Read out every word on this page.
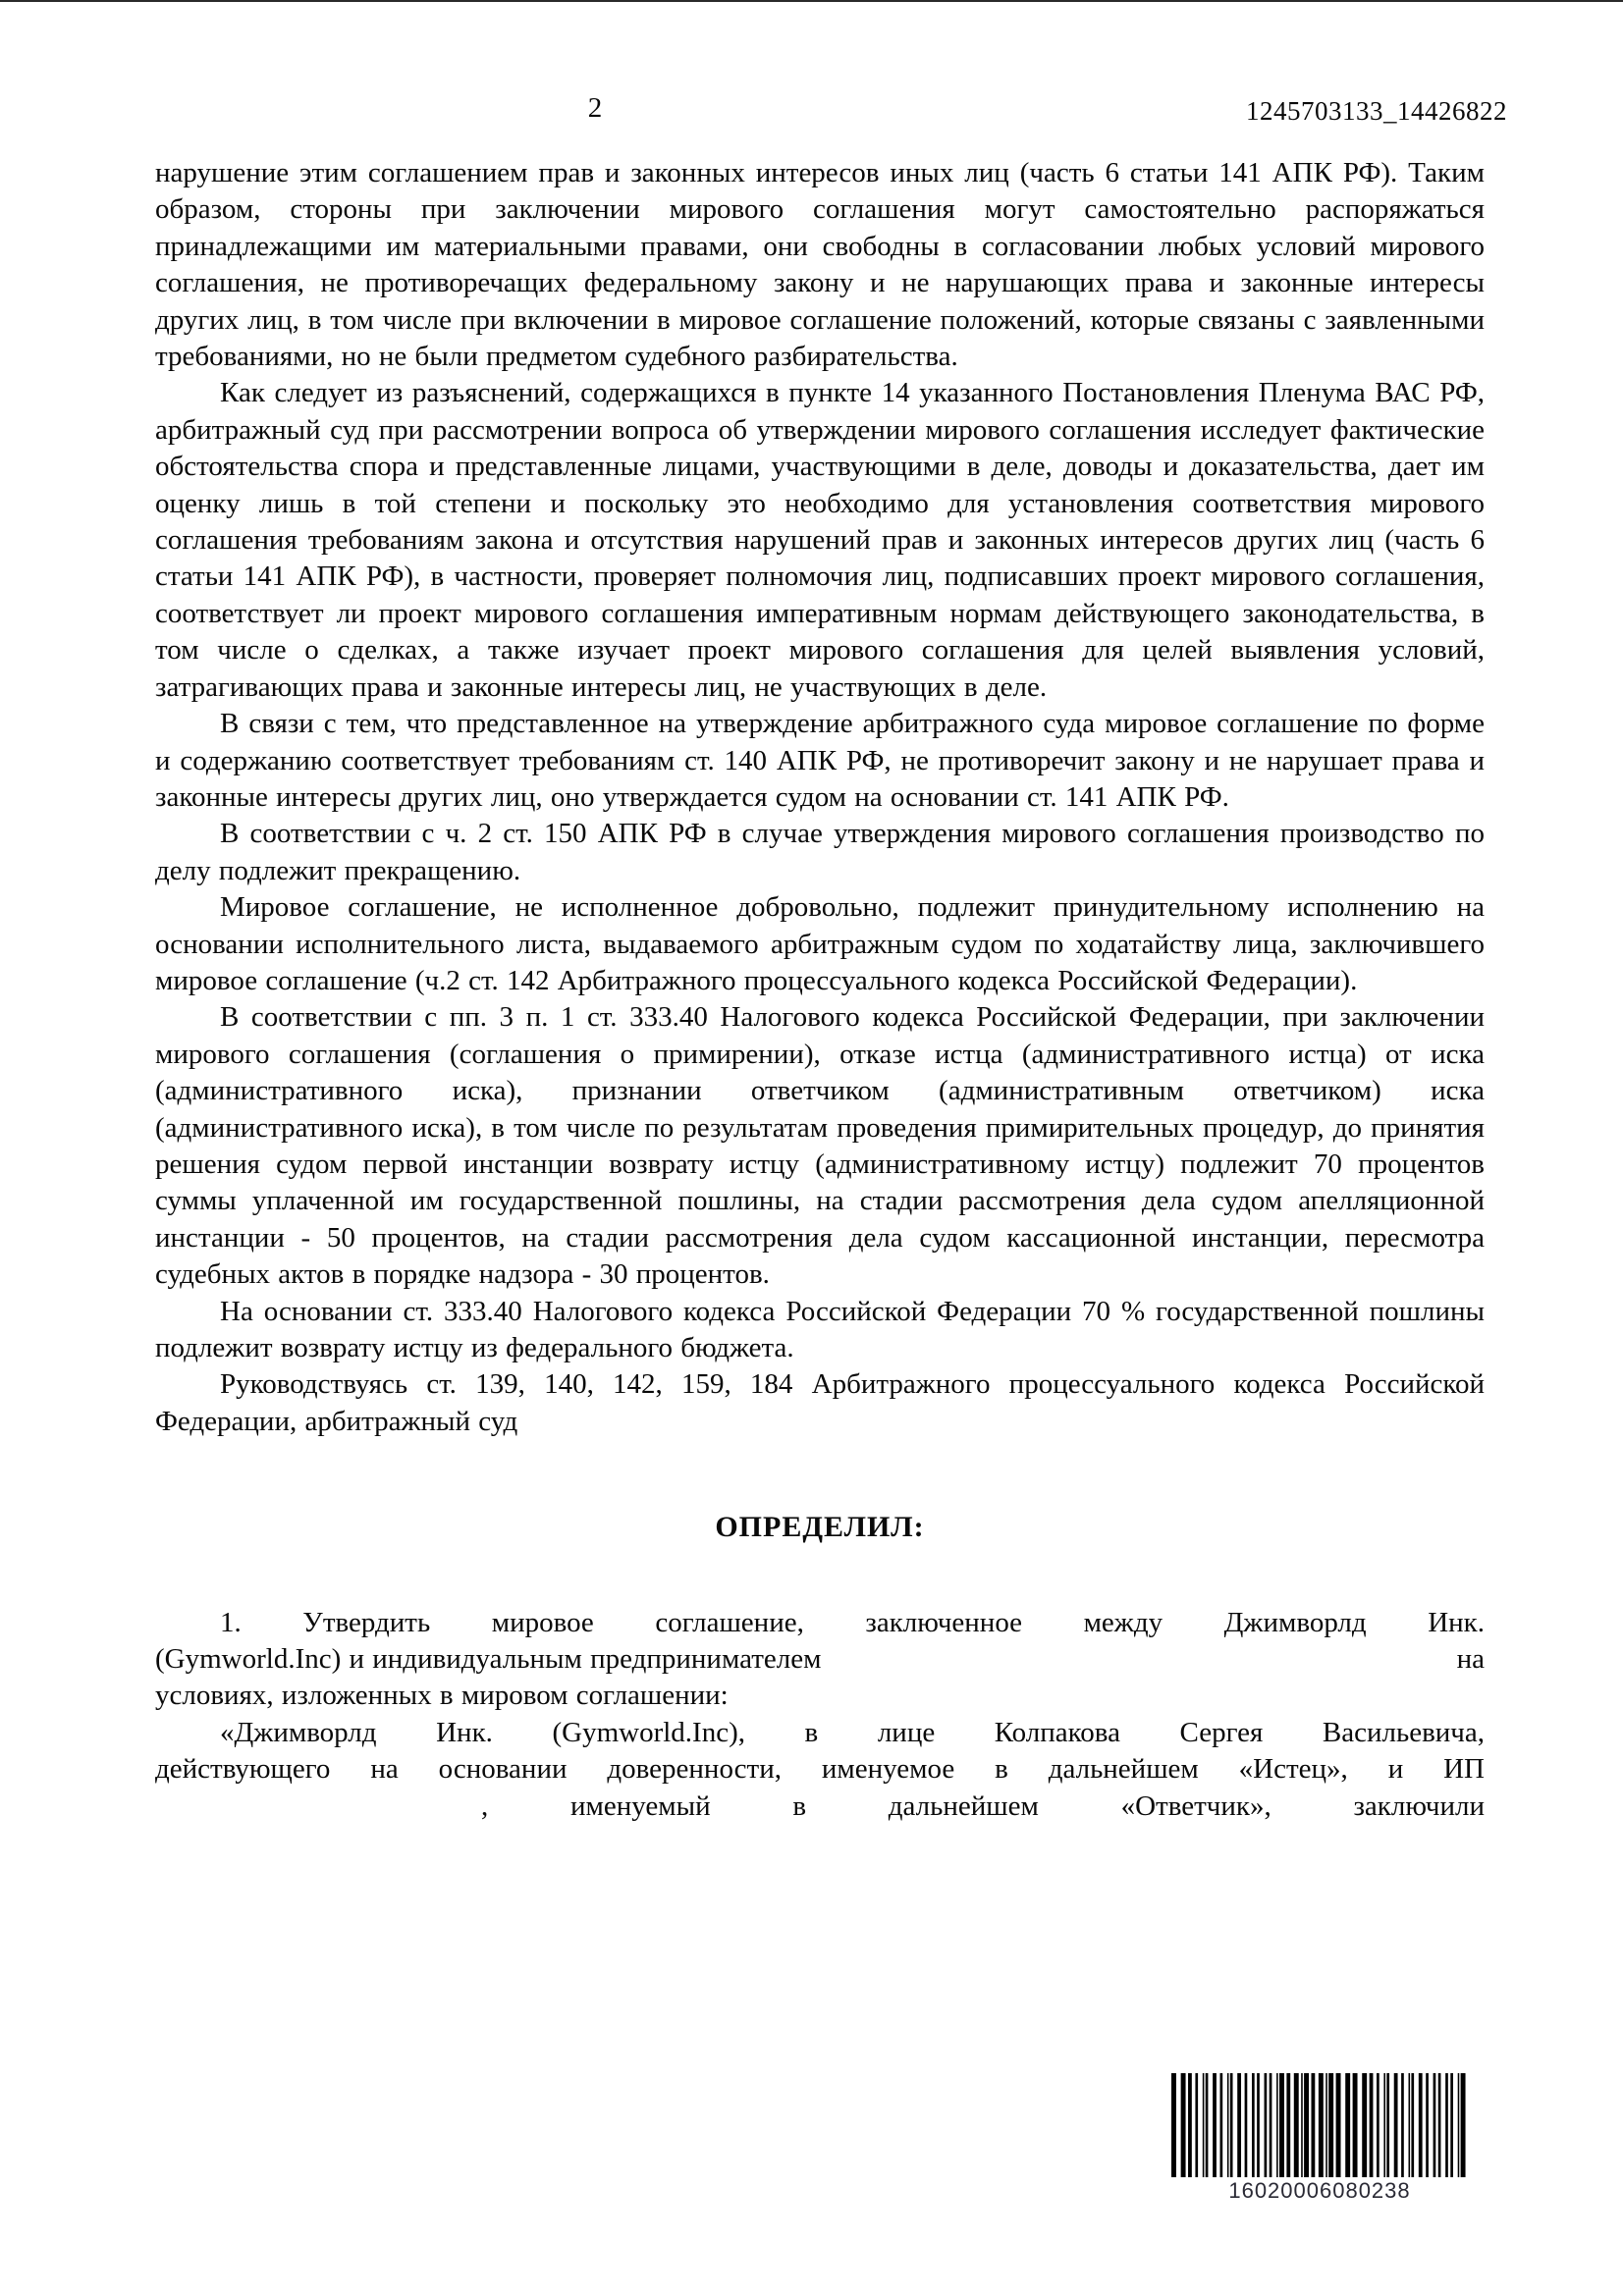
2	1245703133_14426822

нарушение этим соглашением прав и законных интересов иных лиц (часть 6 статьи 141 АПК РФ). Таким образом, стороны при заключении мирового соглашения могут самостоятельно распоряжаться принадлежащими им материальными правами, они свободны в согласовании любых условий мирового соглашения, не противоречащих федеральному закону и не нарушающих права и законные интересы других лиц, в том числе при включении в мировое соглашение положений, которые связаны с заявленными требованиями, но не были предметом судебного разбирательства.

Как следует из разъяснений, содержащихся в пункте 14 указанного Постановления Пленума ВАС РФ, арбитражный суд при рассмотрении вопроса об утверждении мирового соглашения исследует фактические обстоятельства спора и представленные лицами, участвующими в деле, доводы и доказательства, дает им оценку лишь в той степени и поскольку это необходимо для установления соответствия мирового соглашения требованиям закона и отсутствия нарушений прав и законных интересов других лиц (часть 6 статьи 141 АПК РФ), в частности, проверяет полномочия лиц, подписавших проект мирового соглашения, соответствует ли проект мирового соглашения императивным нормам действующего законодательства, в том числе о сделках, а также изучает проект мирового соглашения для целей выявления условий, затрагивающих права и законные интересы лиц, не участвующих в деле.

В связи с тем, что представленное на утверждение арбитражного суда мировое соглашение по форме и содержанию соответствует требованиям ст. 140 АПК РФ, не противоречит закону и не нарушает права и законные интересы других лиц, оно утверждается судом на основании ст. 141 АПК РФ.

В соответствии с ч. 2 ст. 150 АПК РФ в случае утверждения мирового соглашения производство по делу подлежит прекращению.

Мировое соглашение, не исполненное добровольно, подлежит принудительному исполнению на основании исполнительного листа, выдаваемого арбитражным судом по ходатайству лица, заключившего мировое соглашение (ч.2 ст. 142 Арбитражного процессуального кодекса Российской Федерации).

В соответствии с пп. 3 п. 1 ст. 333.40 Налогового кодекса Российской Федерации, при заключении мирового соглашения (соглашения о примирении), отказе истца (административного истца) от иска (административного иска), признании ответчиком (административным ответчиком) иска (административного иска), в том числе по результатам проведения примирительных процедур, до принятия решения судом первой инстанции возврату истцу (административному истцу) подлежит 70 процентов суммы уплаченной им государственной пошлины, на стадии рассмотрения дела судом апелляционной инстанции - 50 процентов, на стадии рассмотрения дела судом кассационной инстанции, пересмотра судебных актов в порядке надзора - 30 процентов.

На основании ст. 333.40 Налогового кодекса Российской Федерации 70 % государственной пошлины подлежит возврату истцу из федерального бюджета.

Руководствуясь ст. 139, 140, 142, 159, 184 Арбитражного процессуального кодекса Российской Федерации, арбитражный суд

ОПРЕДЕЛИЛ:
1. Утвердить мировое соглашение, заключенное между Джимворлд Инк.
(Gymworld.Inc) и индивидуальным предпринимателем	на
условиях, изложенных в мировом соглашении:
«Джимворлд Инк. (Gymworld.Inc), в лице Колпакова Сергея Васильевича,
действующего на основании доверенности, именуемое в дальнейшем «Истец», и ИП
, именуемый в дальнейшем «Ответчик», заключили
16020006080238
